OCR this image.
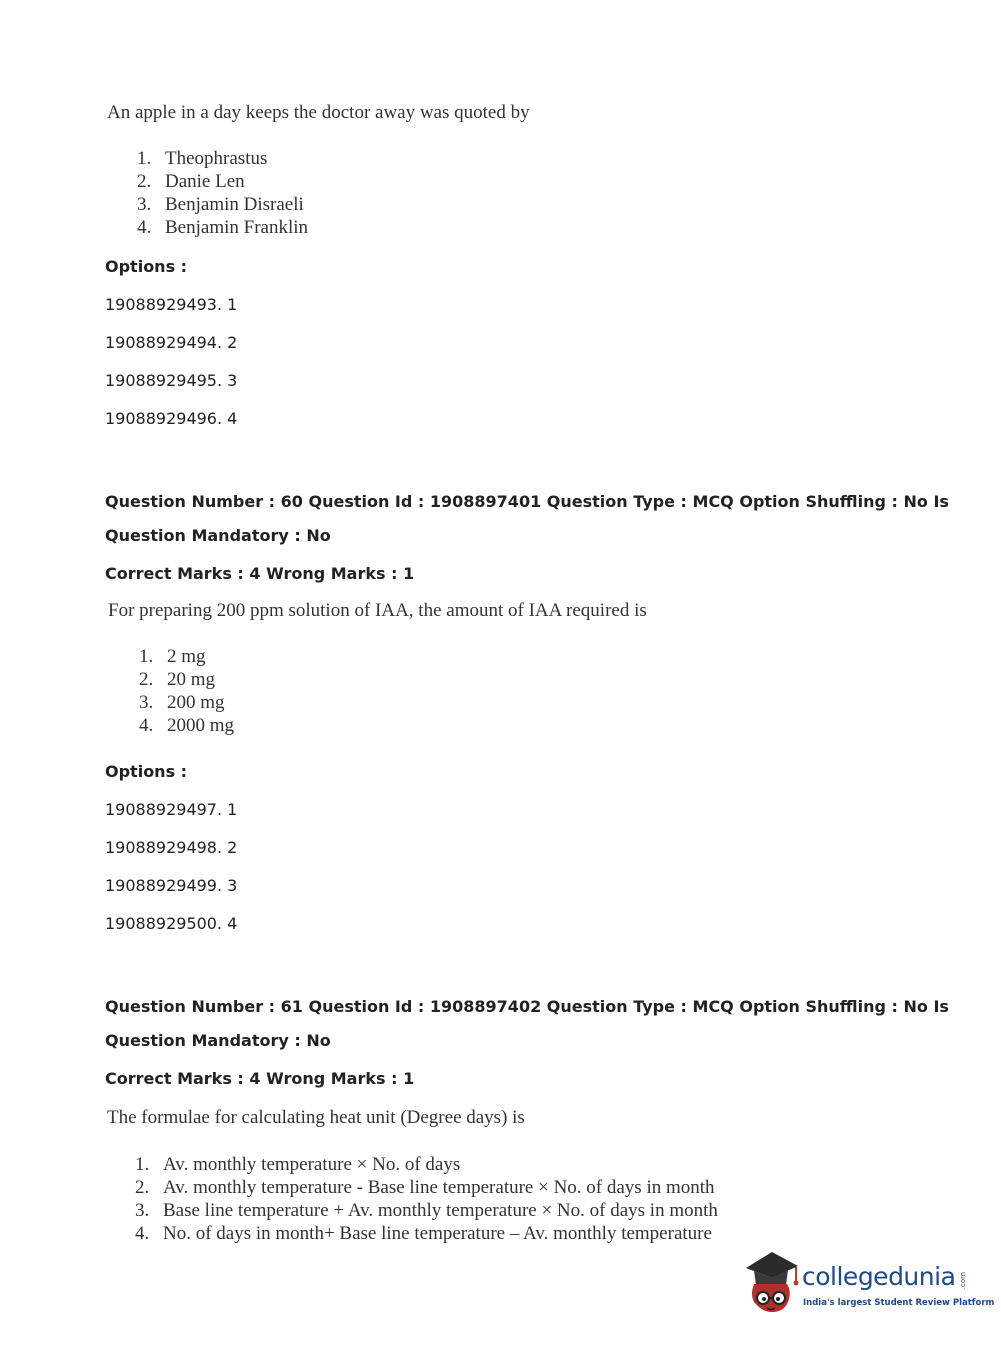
An apple in a day keeps the doctor away was quoted by
1. Theophrastus
2. Danie Len
3. Benjamin Disraeli
4. Benjamin Franklin
Options :
19088929493. 1
19088929494. 2
19088929495. 3
19088929496. 4
Question Number : 60 Question Id : 1908897401 Question Type : MCQ Option Shuffling : No Is
Question Mandatory : No
Correct Marks : 4 Wrong Marks : 1
For preparing 200 ppm solution of IAA, the amount of IAA required is
1. 2 mg
2. 20 mg
3. 200 mg
4. 2000 mg
Options :
19088929497. 1
19088929498. 2
19088929499. 3
19088929500. 4
Question Number : 61 Question Id : 1908897402 Question Type : MCQ Option Shuffling : No Is
Question Mandatory : No
Correct Marks : 4 Wrong Marks : 1
The formulae for calculating heat unit (Degree days) is
1. Av. monthly temperature × No. of days
2. Av. monthly temperature - Base line temperature × No. of days in month
3. Base line temperature + Av. monthly temperature × No. of days in month
4. No. of days in month+ Base line temperature – Av. monthly temperature
collegedunia .com
India's largest Student Review Platform
